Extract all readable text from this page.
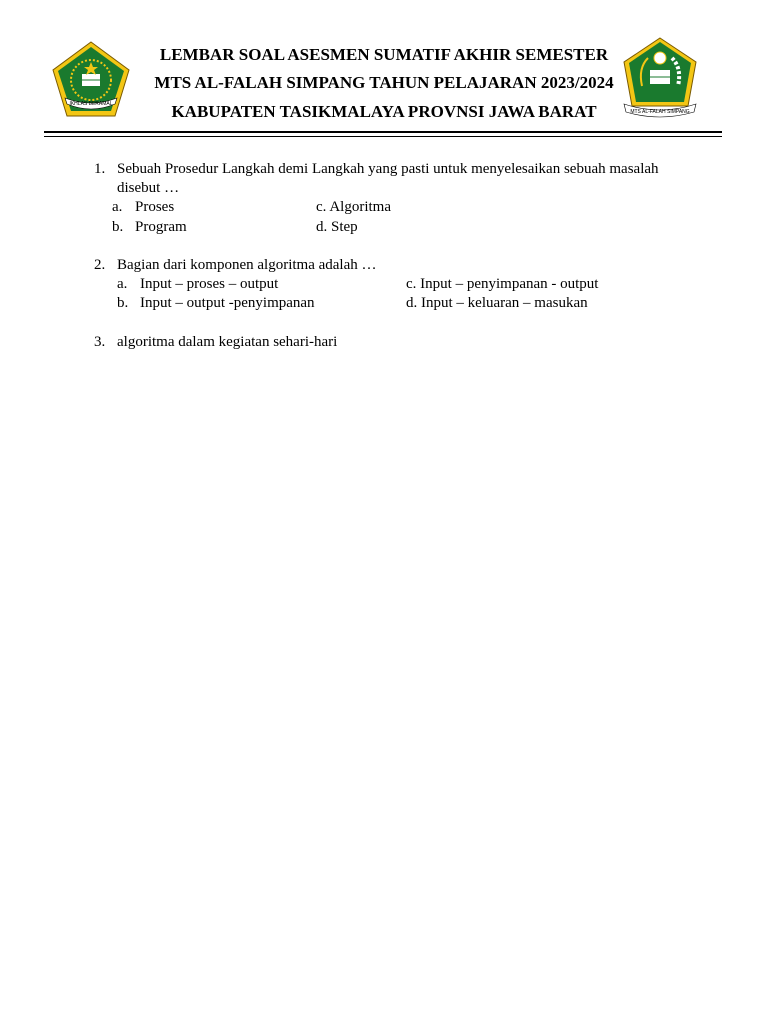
IKHLAS BERAMAL
MTS AL-FALAH SIMPANG
LEMBAR SOAL ASESMEN SUMATIF AKHIR SEMESTER
MTS AL-FALAH SIMPANG TAHUN PELAJARAN 2023/2024
KABUPATEN TASIKMALAYA PROVNSI JAWA BARAT
1. Sebuah Prosedur Langkah demi Langkah yang pasti untuk menyelesaikan sebuah masalah
disebut …
a. Proses
b. Program
c. Algoritma
d. Step
2. Bagian dari komponen algoritma adalah …
a. Input – proses – output
b. Input – output -penyimpanan
c. Input – penyimpanan - output
d. Input – keluaran – masukan
3. algoritma dalam kegiatan sehari-hari
